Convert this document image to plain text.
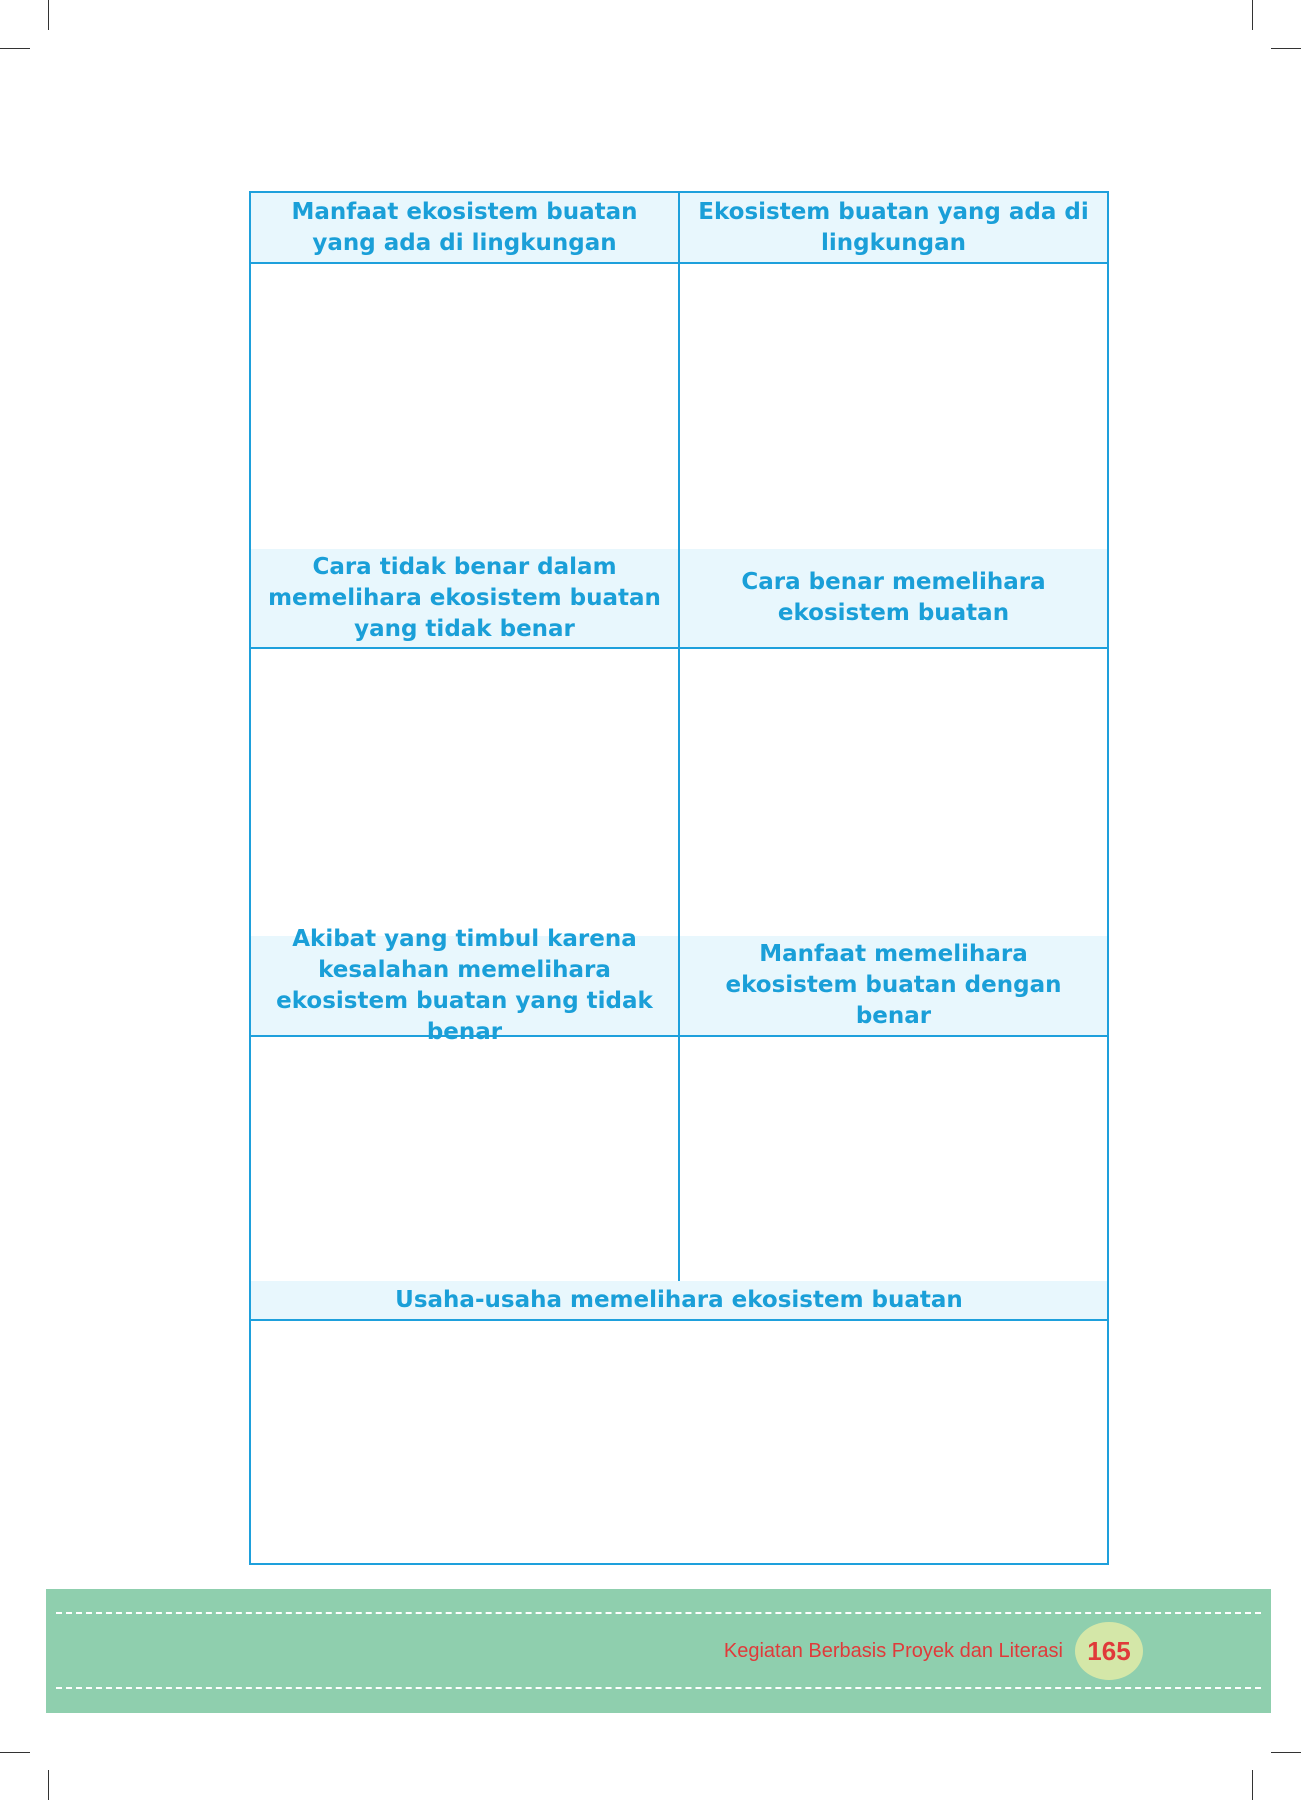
Manfaat ekosistem buatan yang ada di lingkungan
Ekosistem buatan yang ada di lingkungan
Cara tidak benar dalam memelihara ekosistem buatan yang tidak benar
Cara benar memelihara ekosistem buatan
Akibat yang timbul karena kesalahan memelihara ekosistem buatan yang tidak benar
Manfaat memelihara ekosistem buatan dengan benar
Usaha-usaha memelihara ekosistem buatan
Kegiatan Berbasis Proyek dan Literasi 165
